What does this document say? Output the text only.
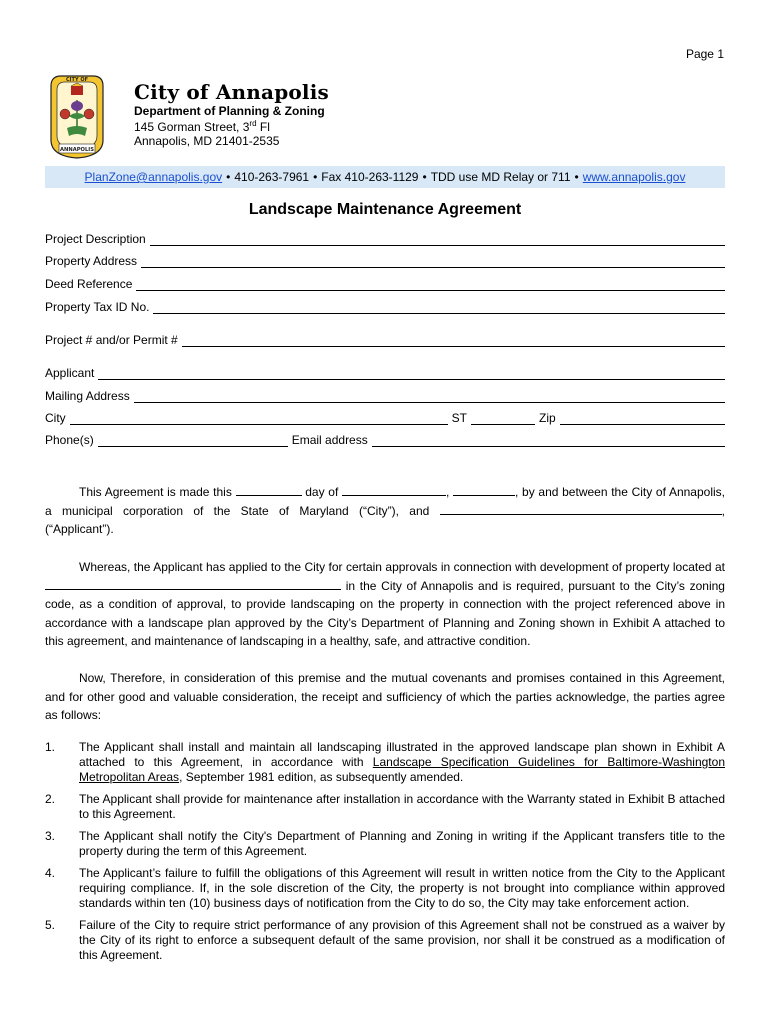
Page 1
CITY OF
ANNAPOLIS
City of Annapolis
Department of Planning & Zoning
145 Gorman Street, 3rd Fl
Annapolis, MD 21401-2535
PlanZone@annapolis.gov • 410-263-7961 • Fax 410-263-1129 • TDD use MD Relay or 711 • www.annapolis.gov
Landscape Maintenance Agreement
Project Description
Property Address
Deed Reference
Property Tax ID No.
Project # and/or Permit #
Applicant
Mailing Address
City	ST	Zip
Phone(s)	Email address
This Agreement is made this	day of	,	, by and between the City of Annapolis, a municipal corporation of the State of Maryland (“City”), and	, (“Applicant”).
Whereas, the Applicant has applied to the City for certain approvals in connection with development of property located at  in the City of Annapolis and is required, pursuant to the City’s zoning code, as a condition of approval, to provide landscaping on the property in connection with the project referenced above in accordance with a landscape plan approved by the City’s Department of Planning and Zoning shown in Exhibit A attached to this agreement, and maintenance of landscaping in a healthy, safe, and attractive condition.
Now, Therefore, in consideration of this premise and the mutual covenants and promises contained in this Agreement, and for other good and valuable consideration, the receipt and sufficiency of which the parties acknowledge, the parties agree as follows:
1. The Applicant shall install and maintain all landscaping illustrated in the approved landscape plan shown in Exhibit A attached to this Agreement, in accordance with Landscape Specification Guidelines for Baltimore-Washington Metropolitan Areas, September 1981 edition, as subsequently amended.
2. The Applicant shall provide for maintenance after installation in accordance with the Warranty stated in Exhibit B attached to this Agreement.
3. The Applicant shall notify the City's Department of Planning and Zoning in writing if the Applicant transfers title to the property during the term of this Agreement.
4. The Applicant’s failure to fulfill the obligations of this Agreement will result in written notice from the City to the Applicant requiring compliance. If, in the sole discretion of the City, the property is not brought into compliance within approved standards within ten (10) business days of notification from the City to do so, the City may take enforcement action.
5. Failure of the City to require strict performance of any provision of this Agreement shall not be construed as a waiver by the City of its right to enforce a subsequent default of the same provision, nor shall it be construed as a modification of this Agreement.
